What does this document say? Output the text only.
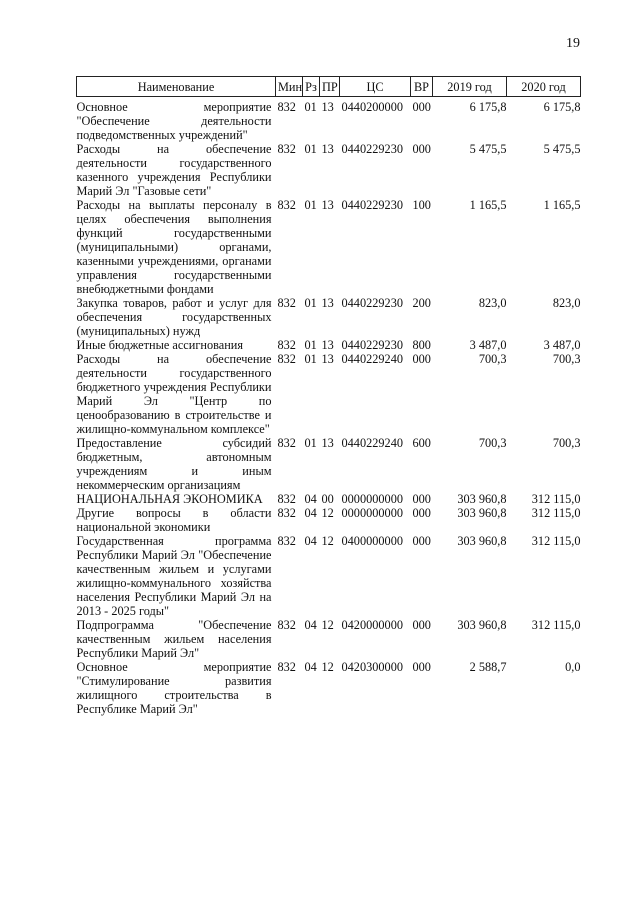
19
Наименование	Мин	Рз	ПР	ЦС	ВР	2019 год	2020 год
Основное мероприятие "Обеспечение деятельности подведомственных учреждений"	832	01	13	0440200000	000	6 175,8	6 175,8
Расходы на обеспечение деятельности государственного казенного учреждения Республики Марий Эл "Газовые сети"	832	01	13	0440229230	000	5 475,5	5 475,5
Расходы на выплаты персоналу в целях обеспечения выполнения функций государственными (муниципальными) органами, казенными учреждениями, органами управления государственными внебюджетными фондами	832	01	13	0440229230	100	1 165,5	1 165,5
Закупка товаров, работ и услуг для обеспечения государственных (муниципальных) нужд	832	01	13	0440229230	200	823,0	823,0
Иные бюджетные ассигнования	832	01	13	0440229230	800	3 487,0	3 487,0
Расходы на обеспечение деятельности государственного бюджетного учреждения Республики Марий Эл "Центр по ценообразованию в строительстве и жилищно-коммунальном комплексе"	832	01	13	0440229240	000	700,3	700,3
Предоставление субсидий бюджетным, автономным учреждениям и иным некоммерческим организациям	832	01	13	0440229240	600	700,3	700,3
НАЦИОНАЛЬНАЯ ЭКОНОМИКА	832	04	00	0000000000	000	303 960,8	312 115,0
Другие вопросы в области национальной экономики	832	04	12	0000000000	000	303 960,8	312 115,0
Государственная программа Республики Марий Эл "Обеспечение качественным жильем и услугами жилищно-коммунального хозяйства населения Республики Марий Эл на 2013 - 2025 годы"	832	04	12	0400000000	000	303 960,8	312 115,0
Подпрограмма "Обеспечение качественным жильем населения Республики Марий Эл"	832	04	12	0420000000	000	303 960,8	312 115,0
Основное мероприятие "Стимулирование развития жилищного строительства в Республике Марий Эл"	832	04	12	0420300000	000	2 588,7	0,0
